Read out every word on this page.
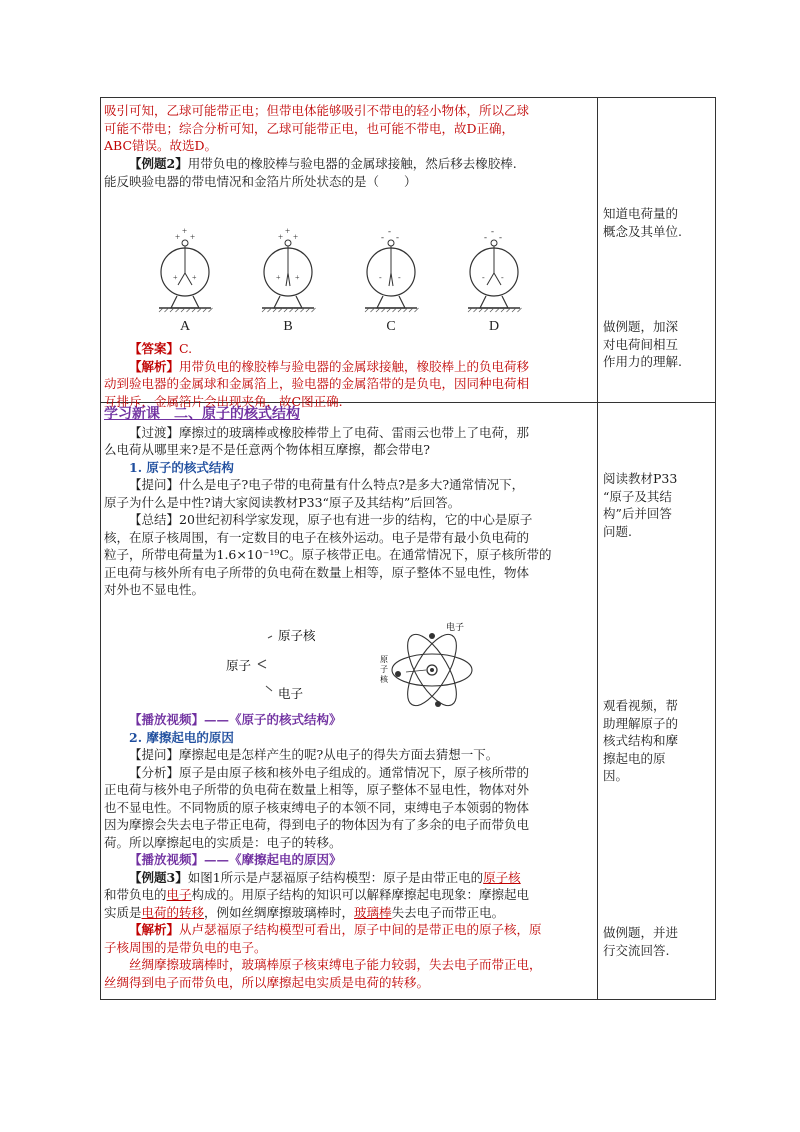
吸引可知，乙球可能带正电；但带电体能够吸引不带电的轻小物体，所以乙球

可能不带电；综合分析可知，乙球可能带正电，也可能不带电，故D正确，

ABC错误。故选D。

【例题2】用带负电的橡胶棒与验电器的金属球接触，然后移去橡胶棒.

能反映验电器的带电情况和金箔片所处状态的是（　　）

+ +
+
+ +
A
+ +
+
+ +
B
- -
-
- -
C
- -
-
- -
D

【答案】C.

【解析】用带负电的橡胶棒与验电器的金属球接触，橡胶棒上的负电荷移

动到验电器的金属球和金属箔上，验电器的金属箔带的是负电，因同种电荷相

互排斥，金属箔片会出现夹角，故C图正确.

知道电荷量的

概念及其单位.

做例题，加深

对电荷间相互

作用力的理解.

学习新课　二、原子的核式结构

【过渡】摩擦过的玻璃棒或橡胶棒带上了电荷、雷雨云也带上了电荷，那

么电荷从哪里来?是不是任意两个物体相互摩擦，都会带电?

1. 原子的核式结构

【提问】什么是电子?电子带的电荷量有什么特点?是多大?通常情况下，

原子为什么是中性?请大家阅读教材P33“原子及其结构”后回答。

【总结】20世纪初科学家发现，原子也有进一步的结构，它的中心是原子

核，在原子核周围，有一定数目的电子在核外运动。电子是带有最小负电荷的

粒子，所带电荷量为1.6×10⁻¹⁹C。原子核带正电。在通常情况下，原子核所带的

正电荷与核外所有电子所带的负电荷在数量上相等，原子整体不显电性，物体

对外也不显电性。

原子核
原子
电子
电子
原
子
核

【播放视频】——《原子的核式结构》

2. 摩擦起电的原因

【提问】摩擦起电是怎样产生的呢?从电子的得失方面去猜想一下。

【分析】原子是由原子核和核外电子组成的。通常情况下，原子核所带的

正电荷与核外电子所带的负电荷在数量上相等，原子整体不显电性，物体对外

也不显电性。不同物质的原子核束缚电子的本领不同，束缚电子本领弱的物体

因为摩擦会失去电子带正电荷，得到电子的物体因为有了多余的电子而带负电

荷。所以摩擦起电的实质是：电子的转移。

【播放视频】——《摩擦起电的原因》

【例题3】如图1所示是卢瑟福原子结构模型：原子是由带正电的原子核

和带负电的电子构成的。用原子结构的知识可以解释摩擦起电现象：摩擦起电

实质是电荷的转移，例如丝绸摩擦玻璃棒时，玻璃棒失去电子而带正电。

【解析】从卢瑟福原子结构模型可看出，原子中间的是带正电的原子核，原

子核周围的是带负电的电子。

丝绸摩擦玻璃棒时，玻璃棒原子核束缚电子能力较弱，失去电子而带正电，

丝绸得到电子而带负电，所以摩擦起电实质是电荷的转移。

阅读教材P33

“原子及其结

构”后并回答

问题.

观看视频，帮

助理解原子的

核式结构和摩

擦起电的原

因。

做例题，并进

行交流回答.
